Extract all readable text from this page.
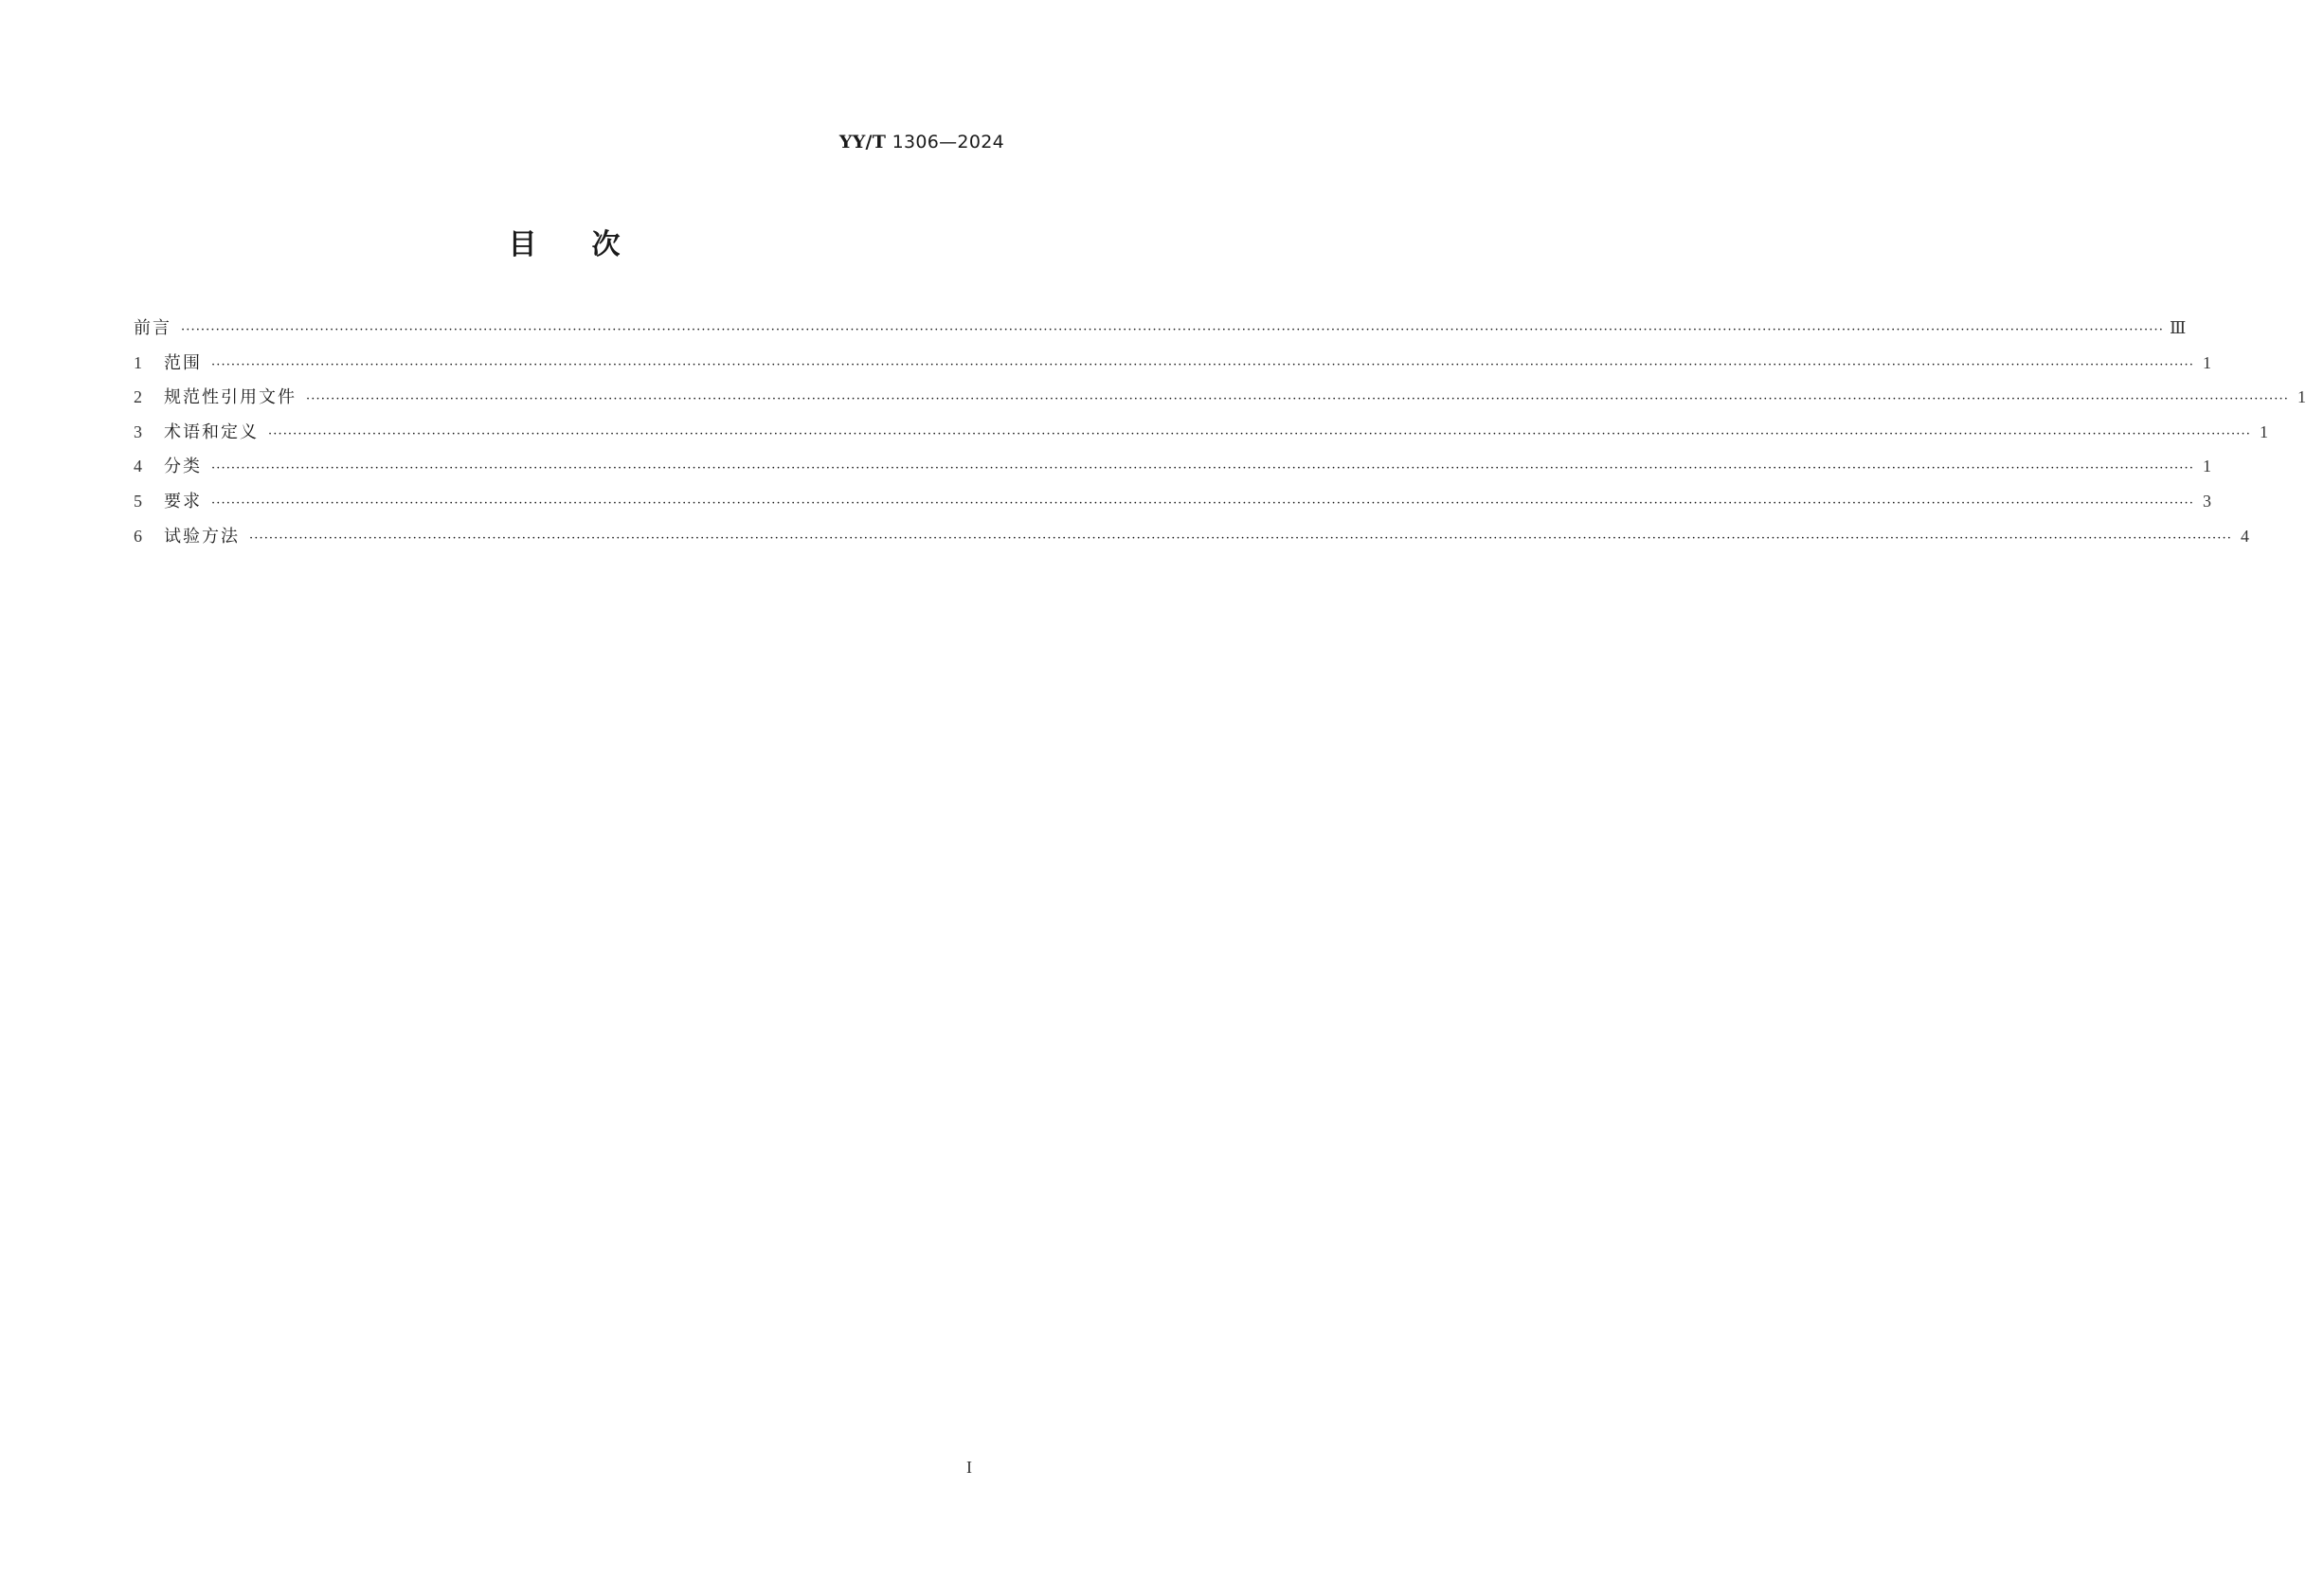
YY/T 1306—2024
目次
前言 ················································································································································································································································································································································································································ Ⅲ
1	范围 ················································································································································································································································································································································································································ 1
2	规范性引用文件 ················································································································································································································································································································································································································ 1
3	术语和定义 ················································································································································································································································································································································································································ 1
4	分类 ················································································································································································································································································································································································································ 1
5	要求 ················································································································································································································································································································································································································ 3
6	试验方法 ················································································································································································································································································································································································································ 4
I
